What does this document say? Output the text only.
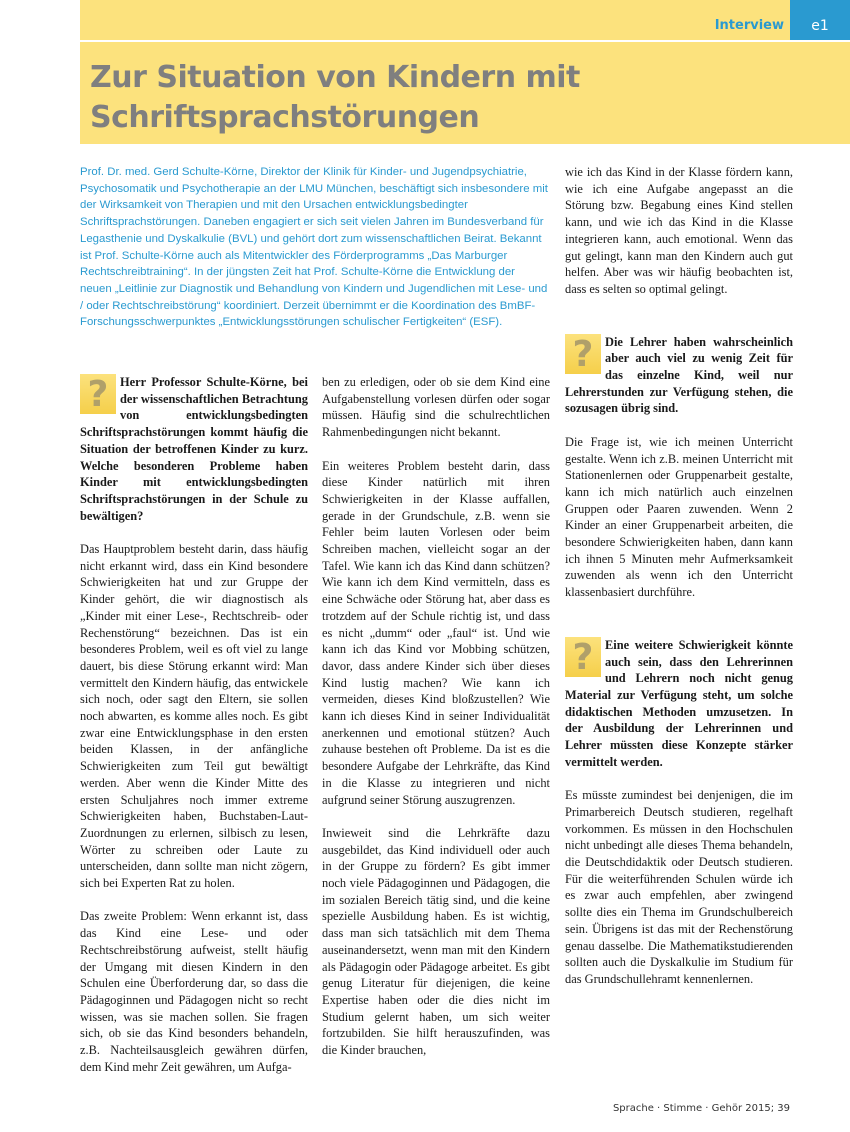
Interview	e1
Zur Situation von Kindern mit Schriftsprachstörungen

Prof. Dr. med. Gerd Schulte-Körne, Direktor der Klinik für Kinder- und Jugendpsychiatrie, Psychosomatik und Psychotherapie an der LMU München, beschäftigt sich insbesondere mit der Wirksamkeit von Therapien und mit den Ursachen entwicklungsbedingter Schriftsprachstörungen. Daneben engagiert er sich seit vielen Jahren im Bundesverband für Legasthenie und Dyskalkulie (BVL) und gehört dort zum wissenschaftlichen Beirat. Bekannt ist Prof. Schulte-Körne auch als Mitentwickler des Förderprogramms „Das Marburger Rechtschreibtraining“. In der jüngsten Zeit hat Prof. Schulte-Körne die Entwicklung der neuen „Leitlinie zur Diagnostik und Behandlung von Kindern und Jugendlichen mit Lese- und / oder Rechtschreibstörung“ koordiniert. Derzeit übernimmt er die Koordination des BmBF-Forschungsschwerpunktes „Entwicklungsstörungen schulischer Fertigkeiten“ (ESF).

? Herr Professor Schulte-Körne, bei der wissenschaftlichen Betrachtung von entwicklungsbedingten Schriftsprachstörungen kommt häufig die Situation der betroffenen Kinder zu kurz. Welche besonderen Probleme haben Kinder mit entwicklungsbedingten Schriftsprachstörungen in der Schule zu bewältigen?

Das Hauptproblem besteht darin, dass häufig nicht erkannt wird, dass ein Kind besondere Schwierigkeiten hat und zur Gruppe der Kinder gehört, die wir diagnostisch als „Kinder mit einer Lese-, Rechtschreib- oder Rechenstörung“ bezeichnen. Das ist ein besonderes Problem, weil es oft viel zu lange dauert, bis diese Störung erkannt wird: Man vermittelt den Kindern häufig, das entwickele sich noch, oder sagt den Eltern, sie sollen noch abwarten, es komme alles noch. Es gibt zwar eine Entwicklungsphase in den ersten beiden Klassen, in der anfängliche Schwierigkeiten zum Teil gut bewältigt werden. Aber wenn die Kinder Mitte des ersten Schuljahres noch immer extreme Schwierigkeiten haben, Buchstaben-Laut-Zuordnungen zu erlernen, silbisch zu lesen, Wörter zu schreiben oder Laute zu unterscheiden, dann sollte man nicht zögern, sich bei Experten Rat zu holen.

Das zweite Problem: Wenn erkannt ist, dass das Kind eine Lese- und oder Rechtschreibstörung aufweist, stellt häufig der Umgang mit diesen Kindern in den Schulen eine Überforderung dar, so dass die Pädagoginnen und Pädagogen nicht so recht wissen, was sie machen sollen. Sie fragen sich, ob sie das Kind besonders behandeln, z.B. Nachteilsausgleich gewähren dürfen, dem Kind mehr Zeit gewähren, um Aufga-

ben zu erledigen, oder ob sie dem Kind eine Aufgabenstellung vorlesen dürfen oder sogar müssen. Häufig sind die schulrechtlichen Rahmenbedingungen nicht bekannt.

Ein weiteres Problem besteht darin, dass diese Kinder natürlich mit ihren Schwierigkeiten in der Klasse auffallen, gerade in der Grundschule, z.B. wenn sie Fehler beim lauten Vorlesen oder beim Schreiben machen, vielleicht sogar an der Tafel. Wie kann ich das Kind dann schützen? Wie kann ich dem Kind vermitteln, dass es eine Schwäche oder Störung hat, aber dass es trotzdem auf der Schule richtig ist, und dass es nicht „dumm“ oder „faul“ ist. Und wie kann ich das Kind vor Mobbing schützen, davor, dass andere Kinder sich über dieses Kind lustig machen? Wie kann ich vermeiden, dieses Kind bloßzustellen? Wie kann ich dieses Kind in seiner Individualität anerkennen und emotional stützen? Auch zuhause bestehen oft Probleme. Da ist es die besondere Aufgabe der Lehrkräfte, das Kind in die Klasse zu integrieren und nicht aufgrund seiner Störung auszugrenzen.

Inwieweit sind die Lehrkräfte dazu ausgebildet, das Kind individuell oder auch in der Gruppe zu fördern? Es gibt immer noch viele Pädagoginnen und Pädagogen, die im sozialen Bereich tätig sind, und die keine spezielle Ausbildung haben. Es ist wichtig, dass man sich tatsächlich mit dem Thema auseinandersetzt, wenn man mit den Kindern als Pädagogin oder Pädagoge arbeitet. Es gibt genug Literatur für diejenigen, die keine Expertise haben oder die dies nicht im Studium gelernt haben, um sich weiter fortzubilden. Sie hilft herauszufinden, was die Kinder brauchen,

wie ich das Kind in der Klasse fördern kann, wie ich eine Aufgabe angepasst an die Störung bzw. Begabung eines Kind stellen kann, und wie ich das Kind in die Klasse integrieren kann, auch emotional. Wenn das gut gelingt, kann man den Kindern auch gut helfen. Aber was wir häufig beobachten ist, dass es selten so optimal gelingt.

? Die Lehrer haben wahrscheinlich aber auch viel zu wenig Zeit für das einzelne Kind, weil nur Lehrerstunden zur Verfügung stehen, die sozusagen übrig sind.

Die Frage ist, wie ich meinen Unterricht gestalte. Wenn ich z.B. meinen Unterricht mit Stationenlernen oder Gruppenarbeit gestalte, kann ich mich natürlich auch einzelnen Gruppen oder Paaren zuwenden. Wenn 2 Kinder an einer Gruppenarbeit arbeiten, die besondere Schwierigkeiten haben, dann kann ich ihnen 5 Minuten mehr Aufmerksamkeit zuwenden als wenn ich den Unterricht klassenbasiert durchführe.

? Eine weitere Schwierigkeit könnte auch sein, dass den Lehrerinnen und Lehrern noch nicht genug Material zur Verfügung steht, um solche didaktischen Methoden umzusetzen. In der Ausbildung der Lehrerinnen und Lehrer müssten diese Konzepte stärker vermittelt werden.

Es müsste zumindest bei denjenigen, die im Primarbereich Deutsch studieren, regelhaft vorkommen. Es müssen in den Hochschulen nicht unbedingt alle dieses Thema behandeln, die Deutschdidaktik oder Deutsch studieren. Für die weiterführenden Schulen würde ich es zwar auch empfehlen, aber zwingend sollte dies ein Thema im Grundschulbereich sein. Übrigens ist das mit der Rechenstörung genau dasselbe. Die Mathematikstudierenden sollten auch die Dyskalkulie im Studium für das Grundschullehramt kennenlernen.

Sprache · Stimme · Gehör 2015; 39
